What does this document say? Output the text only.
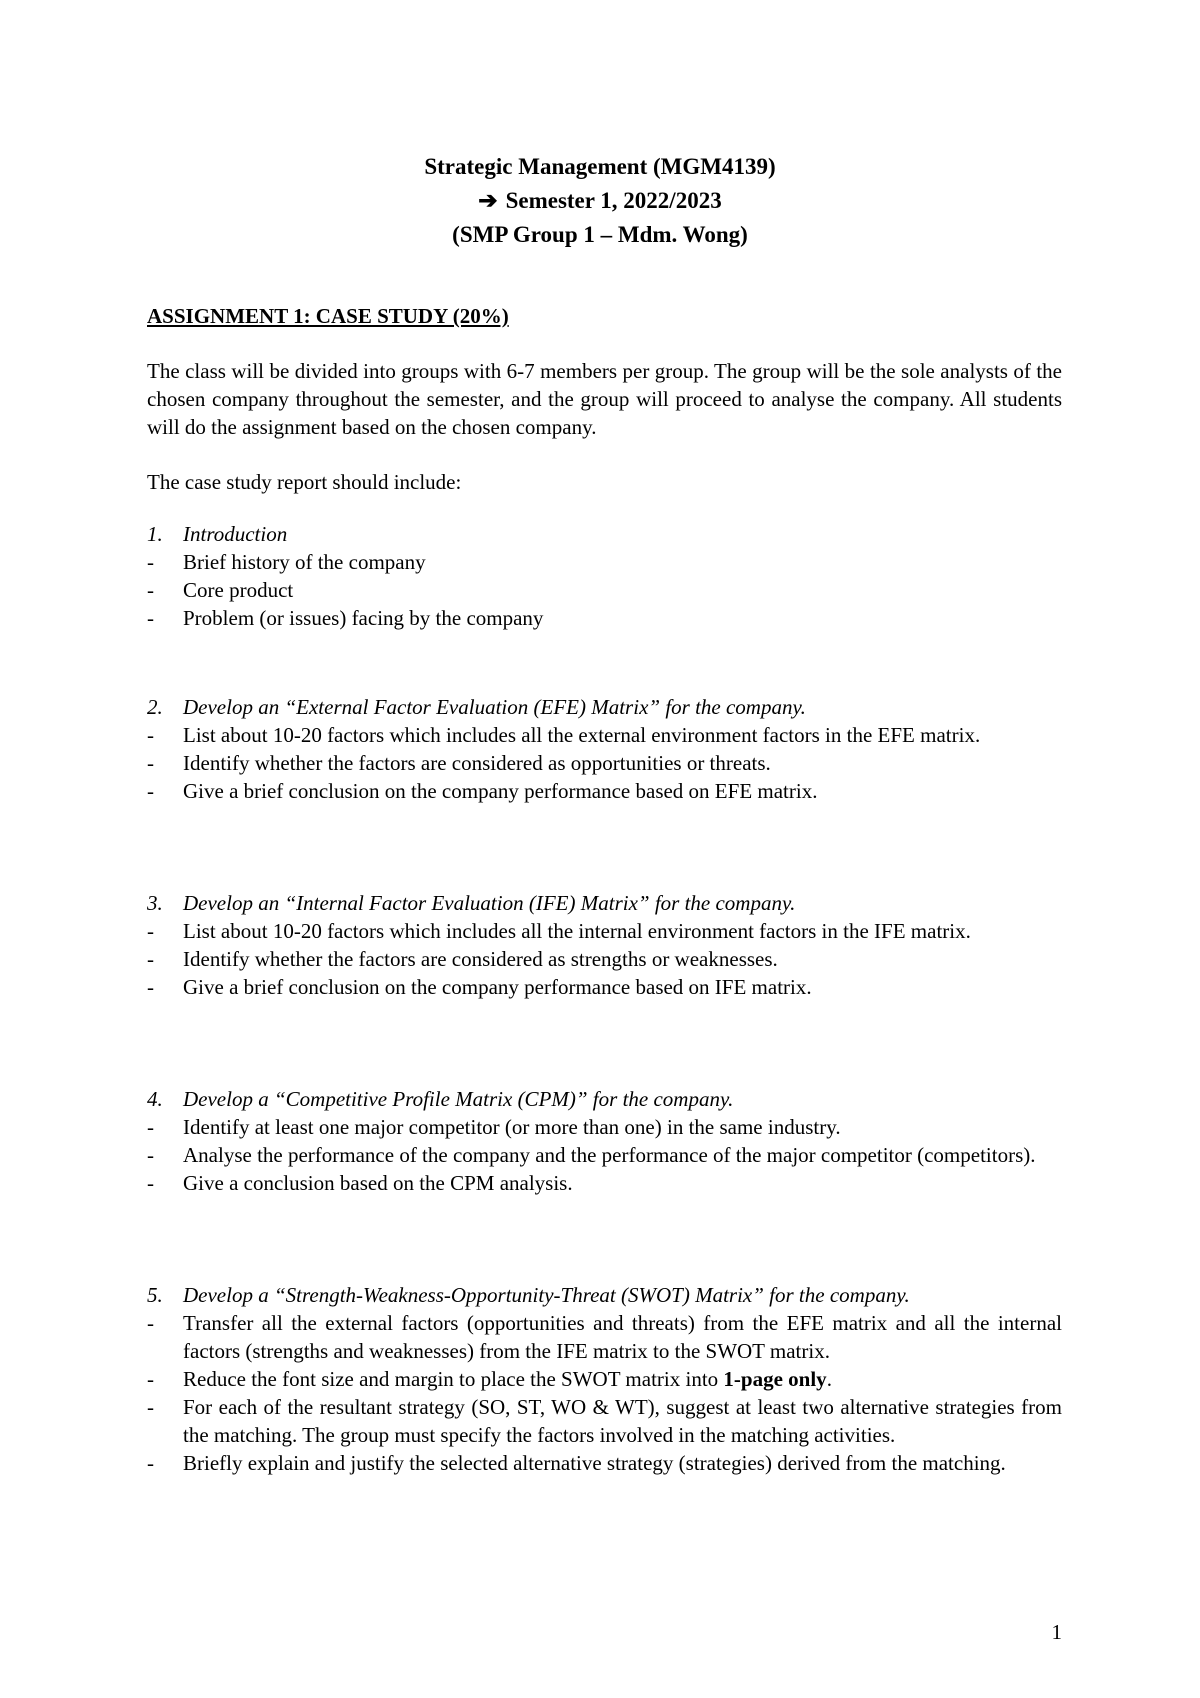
Strategic Management (MGM4139)
➔ Semester 1, 2022/2023
(SMP Group 1 – Mdm. Wong)
ASSIGNMENT 1: CASE STUDY (20%)
The class will be divided into groups with 6-7 members per group. The group will be the sole analysts of the chosen company throughout the semester, and the group will proceed to analyse the company. All students will do the assignment based on the chosen company.
The case study report should include:
1. Introduction
-	Brief history of the company
-	Core product
-	Problem (or issues) facing by the company
2. Develop an “External Factor Evaluation (EFE) Matrix” for the company.
-	List about 10-20 factors which includes all the external environment factors in the EFE matrix.
-	Identify whether the factors are considered as opportunities or threats.
-	Give a brief conclusion on the company performance based on EFE matrix.
3. Develop an “Internal Factor Evaluation (IFE) Matrix” for the company.
-	List about 10-20 factors which includes all the internal environment factors in the IFE matrix.
-	Identify whether the factors are considered as strengths or weaknesses.
-	Give a brief conclusion on the company performance based on IFE matrix.
4. Develop a “Competitive Profile Matrix (CPM)” for the company.
-	Identify at least one major competitor (or more than one) in the same industry.
-	Analyse the performance of the company and the performance of the major competitor (competitors).
-	Give a conclusion based on the CPM analysis.
5. Develop a “Strength-Weakness-Opportunity-Threat (SWOT) Matrix” for the company.
-	Transfer all the external factors (opportunities and threats) from the EFE matrix and all the internal factors (strengths and weaknesses) from the IFE matrix to the SWOT matrix.
-	Reduce the font size and margin to place the SWOT matrix into 1-page only.
-	For each of the resultant strategy (SO, ST, WO & WT), suggest at least two alternative strategies from the matching. The group must specify the factors involved in the matching activities.
-	Briefly explain and justify the selected alternative strategy (strategies) derived from the matching.
1
